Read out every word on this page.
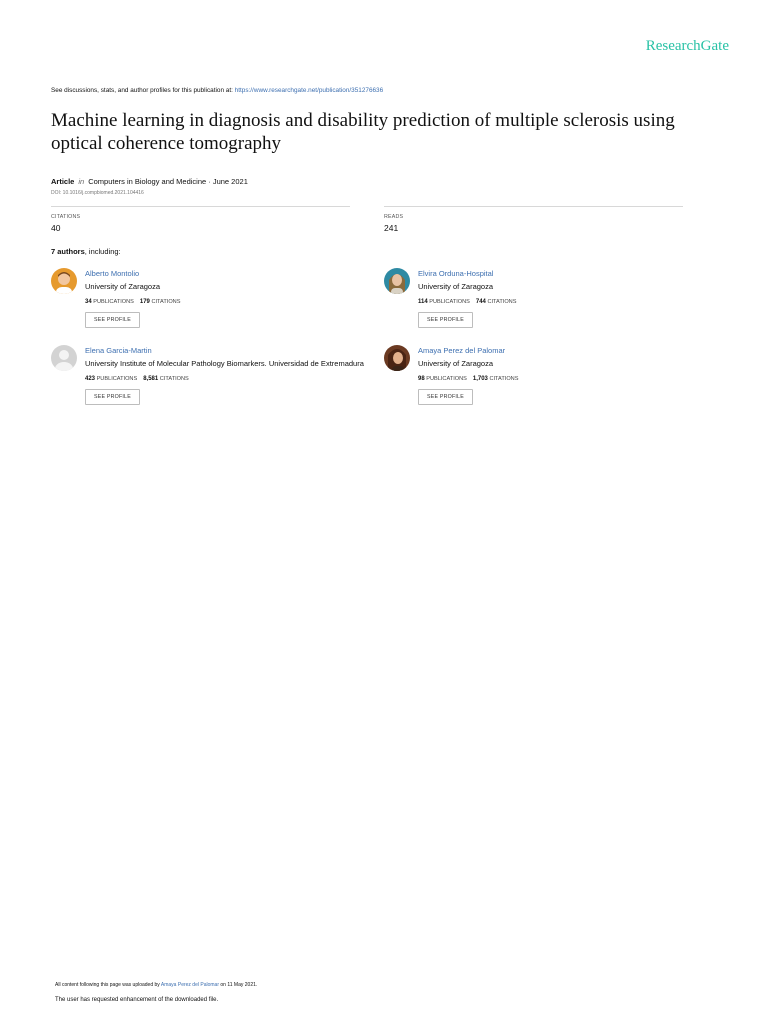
ResearchGate
See discussions, stats, and author profiles for this publication at: https://www.researchgate.net/publication/351276636
Machine learning in diagnosis and disability prediction of multiple sclerosis using optical coherence tomography
Article in Computers in Biology and Medicine · June 2021
DOI: 10.1016/j.compbiomed.2021.104416
CITATIONS
40
READS
241
7 authors, including:
Alberto Montolio
University of Zaragoza
34 PUBLICATIONS 179 CITATIONS
SEE PROFILE
Elvira Orduna-Hospital
University of Zaragoza
114 PUBLICATIONS 744 CITATIONS
SEE PROFILE
Elena Garcia-Martin
University Institute of Molecular Pathology Biomarkers. Universidad de Extremadura
423 PUBLICATIONS 8,581 CITATIONS
SEE PROFILE
Amaya Perez del Palomar
University of Zaragoza
98 PUBLICATIONS 1,703 CITATIONS
SEE PROFILE
All content following this page was uploaded by Amaya Perez del Palomar on 11 May 2021.
The user has requested enhancement of the downloaded file.
